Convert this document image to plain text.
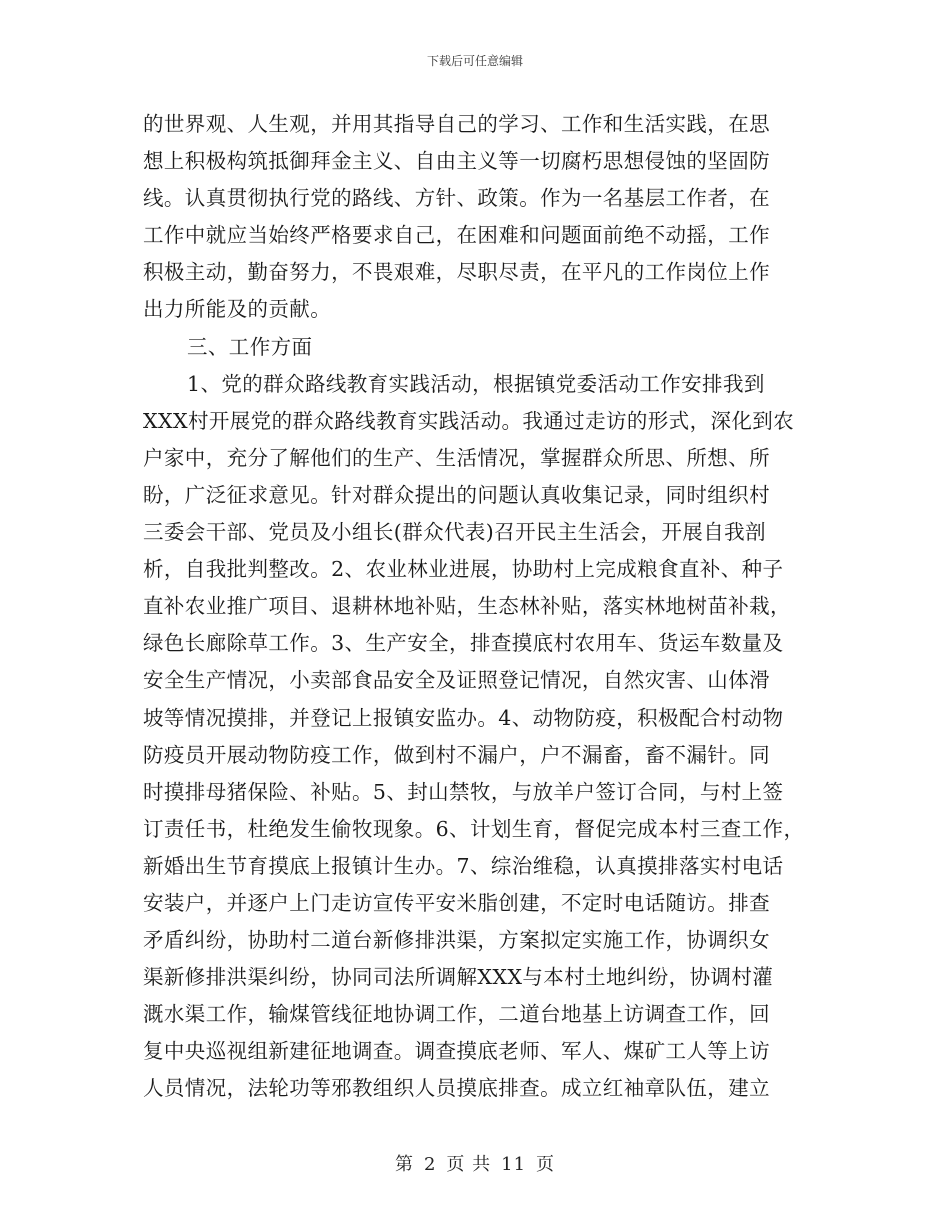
下载后可任意编辑
的世界观、人生观，并用其指导自己的学习、工作和生活实践，在思
想上积极构筑抵御拜金主义、自由主义等一切腐朽思想侵蚀的坚固防
线。认真贯彻执行党的路线、方针、政策。作为一名基层工作者，在
工作中就应当始终严格要求自己，在困难和问题面前绝不动摇，工作
积极主动，勤奋努力，不畏艰难，尽职尽责，在平凡的工作岗位上作
出力所能及的贡献。
三、工作方面
1、党的群众路线教育实践活动，根据镇党委活动工作安排我到
XXX村开展党的群众路线教育实践活动。我通过走访的形式，深化到农
户家中，充分了解他们的生产、生活情况，掌握群众所思、所想、所
盼，广泛征求意见。针对群众提出的问题认真收集记录，同时组织村
三委会干部、党员及小组长(群众代表)召开民主生活会，开展自我剖
析，自我批判整改。2、农业林业进展，协助村上完成粮食直补、种子
直补农业推广项目、退耕林地补贴，生态林补贴，落实林地树苗补栽，
绿色长廊除草工作。3、生产安全，排查摸底村农用车、货运车数量及
安全生产情况，小卖部食品安全及证照登记情况，自然灾害、山体滑
坡等情况摸排，并登记上报镇安监办。4、动物防疫，积极配合村动物
防疫员开展动物防疫工作，做到村不漏户，户不漏畜，畜不漏针。同
时摸排母猪保险、补贴。5、封山禁牧，与放羊户签订合同，与村上签
订责任书，杜绝发生偷牧现象。6、计划生育，督促完成本村三查工作，
新婚出生节育摸底上报镇计生办。7、综治维稳，认真摸排落实村电话
安装户，并逐户上门走访宣传平安米脂创建，不定时电话随访。排查
矛盾纠纷，协助村二道台新修排洪渠，方案拟定实施工作，协调织女
渠新修排洪渠纠纷，协同司法所调解XXX与本村土地纠纷，协调村灌
溉水渠工作，输煤管线征地协调工作，二道台地基上访调查工作，回
复中央巡视组新建征地调查。调查摸底老师、军人、煤矿工人等上访
人员情况，法轮功等邪教组织人员摸底排查。成立红袖章队伍，建立
第 2 页 共 11 页
